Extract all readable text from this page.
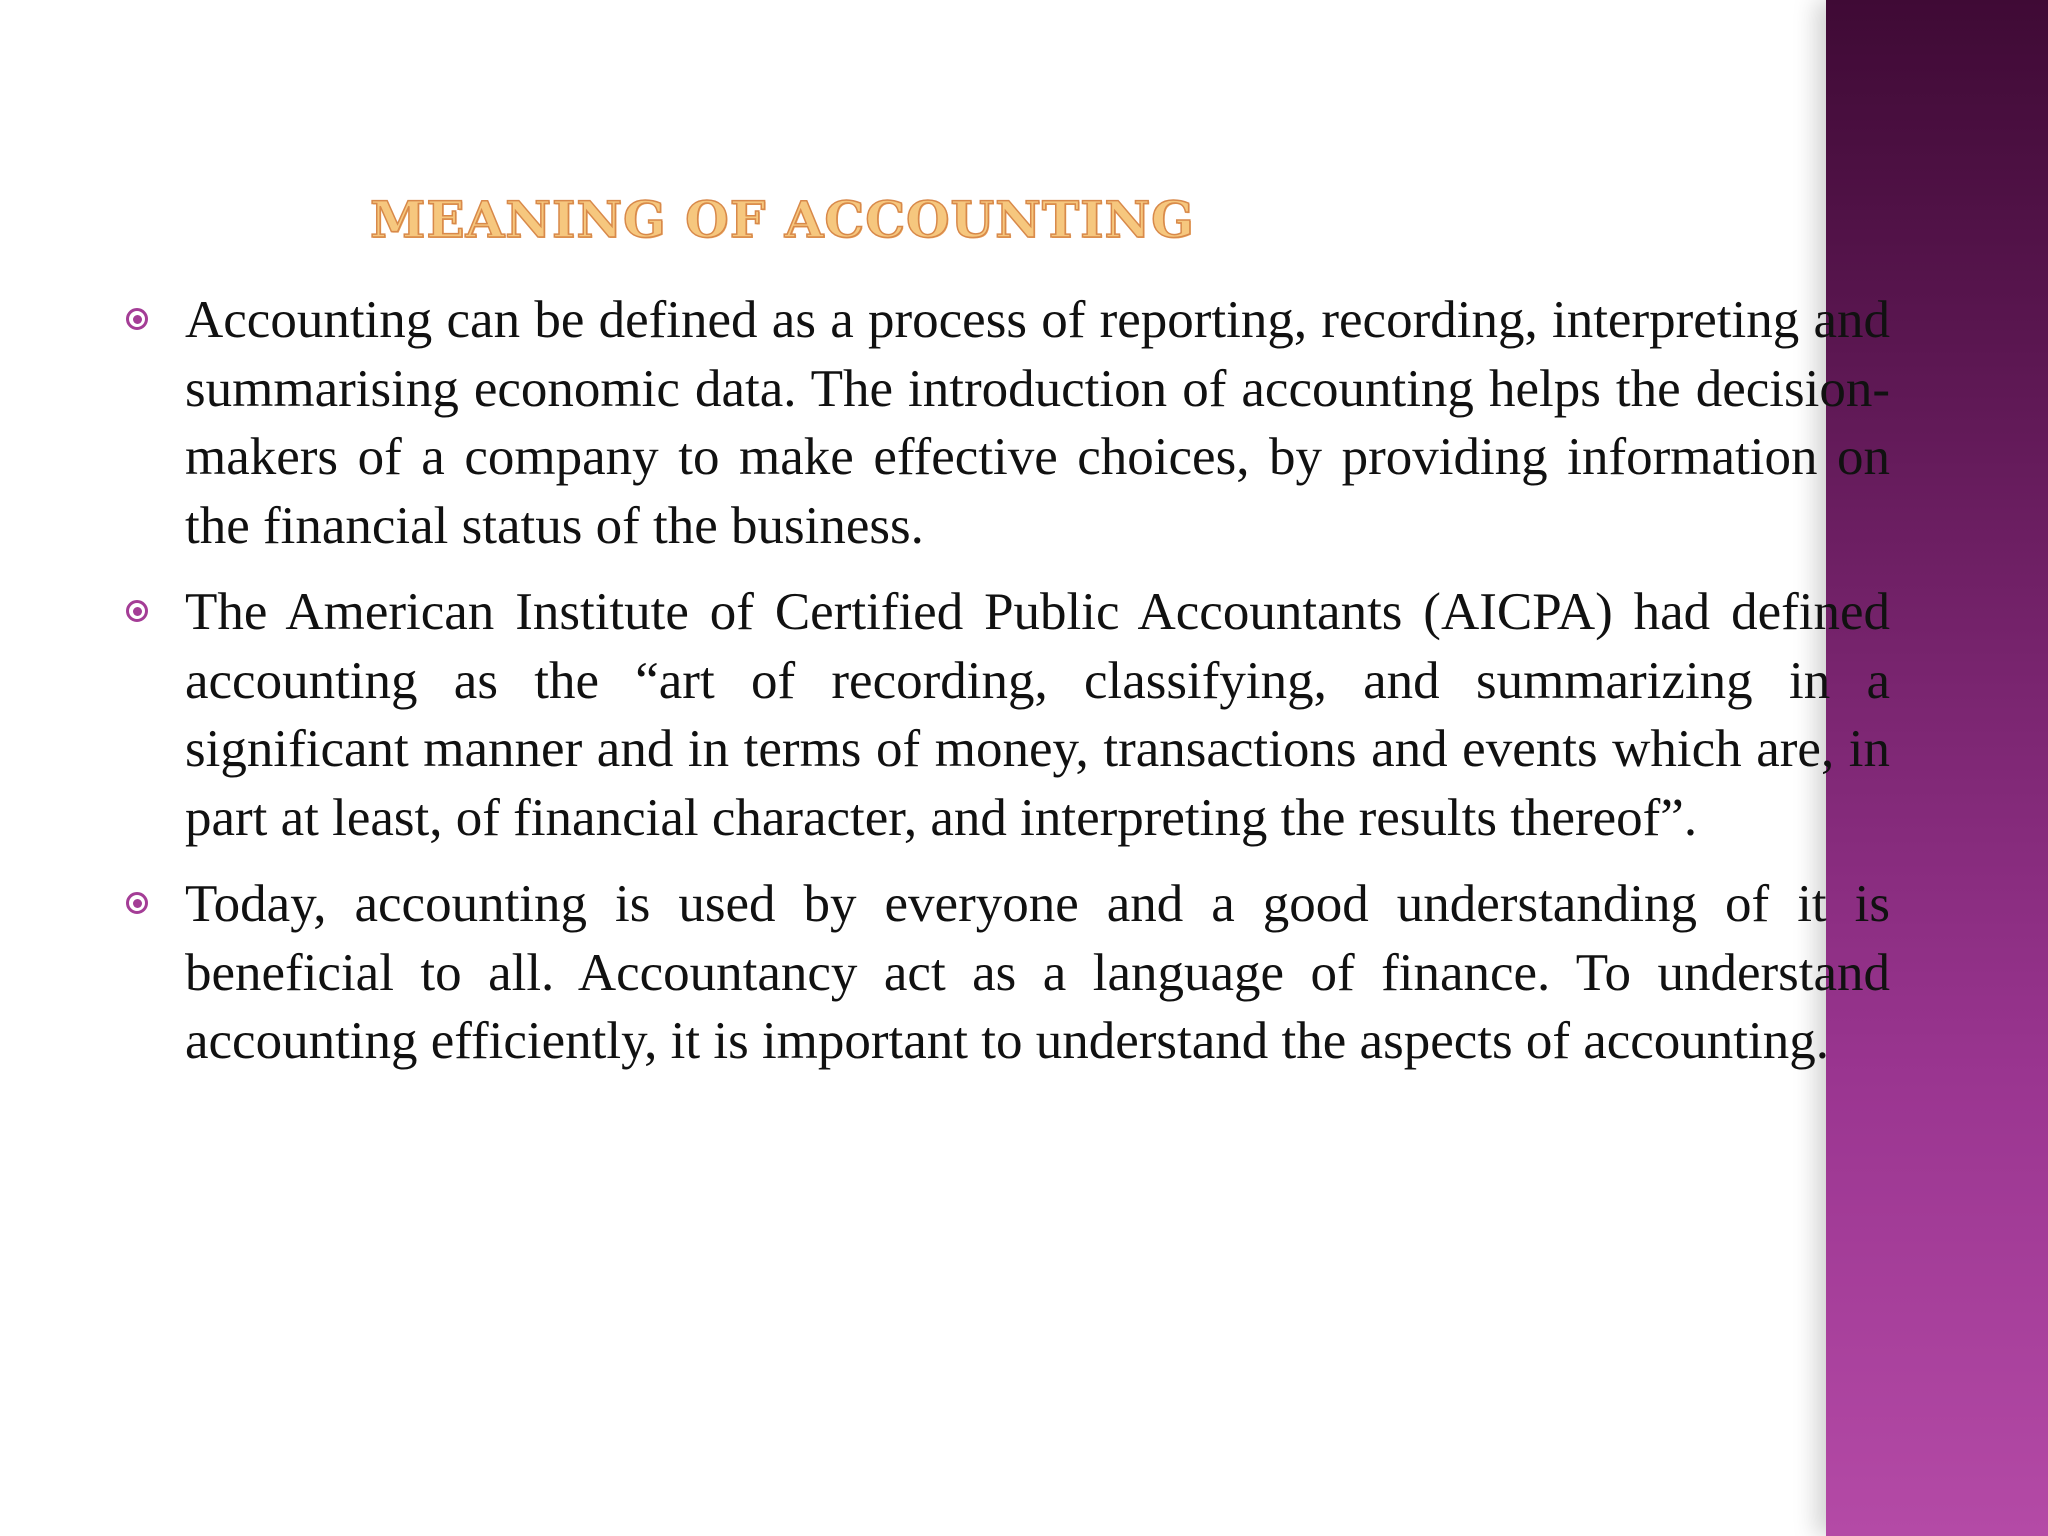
MEANING OF ACCOUNTING

Accounting can be defined as a process of reporting, recording, interpreting and summarising economic data. The introduction of accounting helps the decision-makers of a company to make effective choices, by providing information on the financial status of the business.

The American Institute of Certified Public Accountants (AICPA) had defined accounting as the “art of recording, classifying, and summarizing in a significant manner and in terms of money, transactions and events which are, in part at least, of financial character, and interpreting the results thereof”.

Today, accounting is used by everyone and a good understanding of it is beneficial to all. Accountancy act as a language of finance. To understand accounting efficiently, it is important to understand the aspects of accounting.
